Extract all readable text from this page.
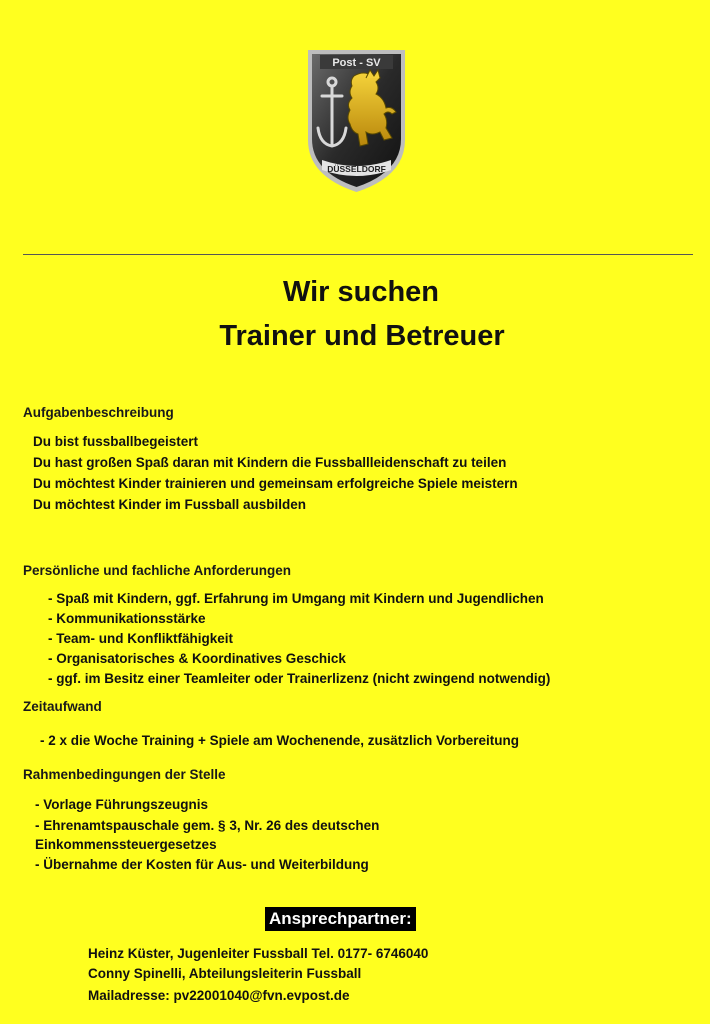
Post - SV
DÜSSELDORF
Wir suchen
Trainer und Betreuer
Aufgabenbeschreibung
Du bist fussballbegeistert
Du hast großen Spaß daran mit Kindern die Fussballleidenschaft zu teilen
Du möchtest Kinder trainieren und gemeinsam erfolgreiche Spiele meistern
Du möchtest Kinder im Fussball ausbilden
Persönliche und fachliche Anforderungen
- Spaß mit Kindern, ggf. Erfahrung im Umgang mit Kindern und Jugendlichen
- Kommunikationsstärke
- Team- und Konfliktfähigkeit
- Organisatorisches & Koordinatives Geschick
- ggf. im Besitz einer Teamleiter oder Trainerlizenz (nicht zwingend notwendig)
Zeitaufwand
- 2 x die Woche Training + Spiele am Wochenende, zusätzlich Vorbereitung
Rahmenbedingungen der Stelle
- Vorlage Führungszeugnis
- Ehrenamtspauschale gem. § 3, Nr. 26 des deutschen
Einkommenssteuergesetzes
- Übernahme der Kosten für Aus- und Weiterbildung
Ansprechpartner:
Heinz Küster, Jugenleiter Fussball Tel. 0177- 6746040
Conny Spinelli, Abteilungsleiterin Fussball
Mailadresse: pv22001040@fvn.evpost.de
